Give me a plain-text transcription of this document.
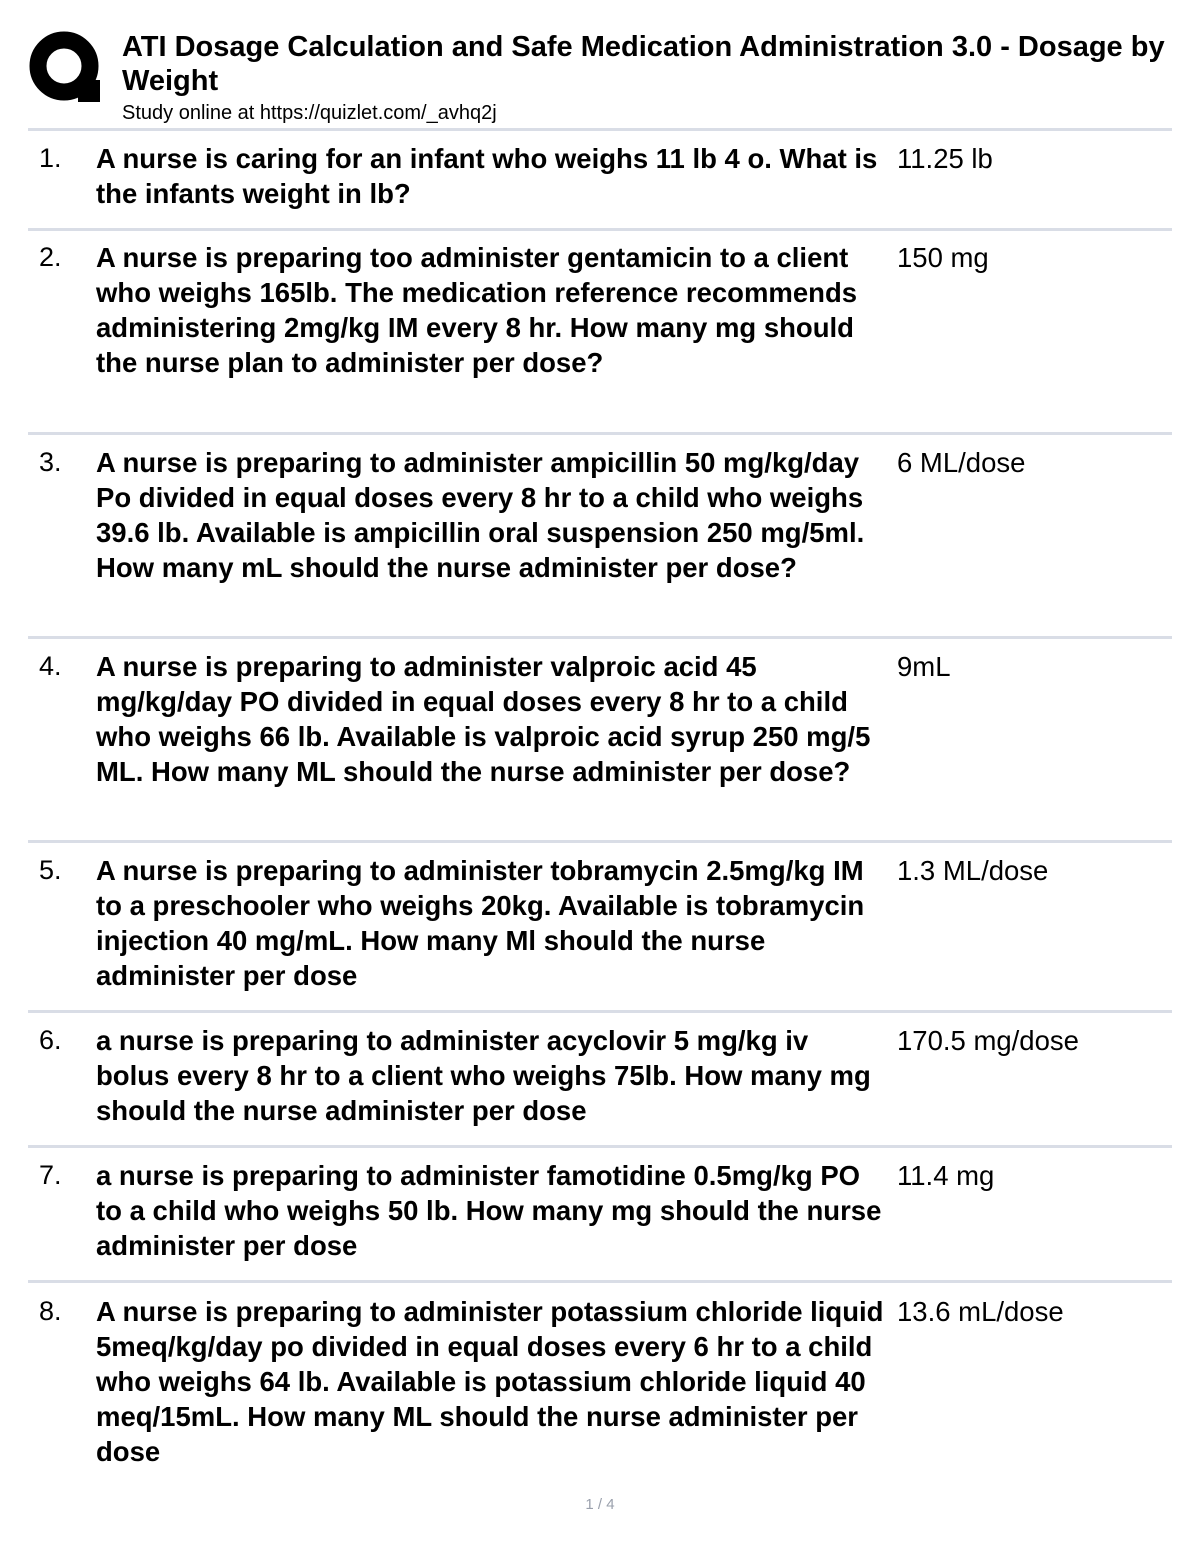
ATI Dosage Calculation and Safe Medication Administration 3.0 - Dosage by Weight
Study online at https://quizlet.com/_avhq2j
1. A nurse is caring for an infant who weighs 11 lb 4 o. What is the infants weight in lb?
11.25 lb
2. A nurse is preparing too administer gentamicin to a client who weighs 165lb. The medication reference recommends administering 2mg/kg IM every 8 hr. How many mg should the nurse plan to administer per dose?
150 mg
3. A nurse is preparing to administer ampicillin 50 mg/kg/day Po divided in equal doses every 8 hr to a child who weighs 39.6 lb. Available is ampicillin oral suspension 250 mg/5ml. How many mL should the nurse administer per dose?
6 ML/dose
4. A nurse is preparing to administer valproic acid 45 mg/kg/day PO divided in equal doses every 8 hr to a child who weighs 66 lb. Available is valproic acid syrup 250 mg/5 ML. How many ML should the nurse administer per dose?
9mL
5. A nurse is preparing to administer tobramycin 2.5mg/kg IM to a preschooler who weighs 20kg. Available is tobramycin injection 40 mg/mL. How many Ml should the nurse administer per dose
1.3 ML/dose
6. a nurse is preparing to administer acyclovir 5 mg/kg iv bolus every 8 hr to a client who weighs 75lb. How many mg should the nurse administer per dose
170.5 mg/dose
7. a nurse is preparing to administer famotidine 0.5mg/kg PO to a child who weighs 50 lb. How many mg should the nurse administer per dose
11.4 mg
8. A nurse is preparing to administer potassium chloride liquid 5meq/kg/day po divided in equal doses every 6 hr to a child who weighs 64 lb. Available is potassium chloride liquid 40 meq/15mL. How many ML should the nurse administer per dose
13.6 mL/dose
1 / 4
